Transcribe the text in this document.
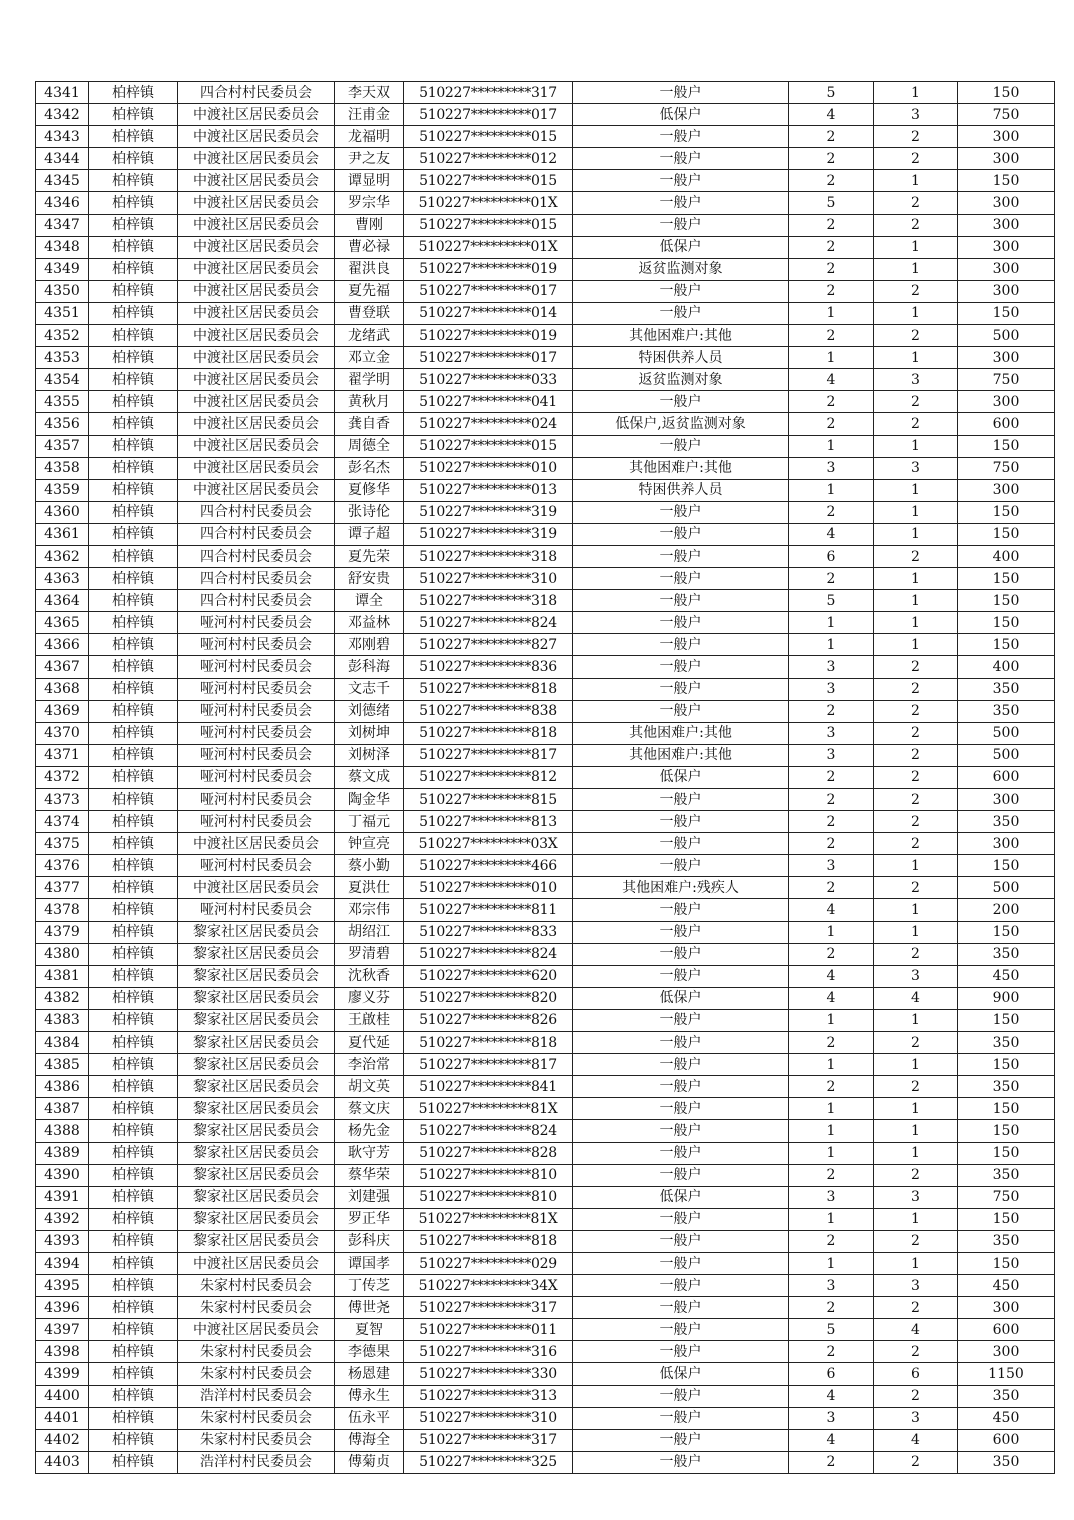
4341	柏梓镇	四合村村民委员会	李天双	510227*********317	一般户	5	1	150
4342	柏梓镇	中渡社区居民委员会	汪甫金	510227*********017	低保户	4	3	750
4343	柏梓镇	中渡社区居民委员会	龙福明	510227*********015	一般户	2	2	300
4344	柏梓镇	中渡社区居民委员会	尹之友	510227*********012	一般户	2	2	300
4345	柏梓镇	中渡社区居民委员会	谭显明	510227*********015	一般户	2	1	150
4346	柏梓镇	中渡社区居民委员会	罗宗华	510227*********01X	一般户	5	2	300
4347	柏梓镇	中渡社区居民委员会	曹刚	510227*********015	一般户	2	2	300
4348	柏梓镇	中渡社区居民委员会	曹必禄	510227*********01X	低保户	2	1	300
4349	柏梓镇	中渡社区居民委员会	翟洪良	510227*********019	返贫监测对象	2	1	300
4350	柏梓镇	中渡社区居民委员会	夏先福	510227*********017	一般户	2	2	300
4351	柏梓镇	中渡社区居民委员会	曹登联	510227*********014	一般户	1	1	150
4352	柏梓镇	中渡社区居民委员会	龙绪武	510227*********019	其他困难户:其他	2	2	500
4353	柏梓镇	中渡社区居民委员会	邓立金	510227*********017	特困供养人员	1	1	300
4354	柏梓镇	中渡社区居民委员会	翟学明	510227*********033	返贫监测对象	4	3	750
4355	柏梓镇	中渡社区居民委员会	黄秋月	510227*********041	一般户	2	2	300
4356	柏梓镇	中渡社区居民委员会	龚自香	510227*********024	低保户,返贫监测对象	2	2	600
4357	柏梓镇	中渡社区居民委员会	周德全	510227*********015	一般户	1	1	150
4358	柏梓镇	中渡社区居民委员会	彭名杰	510227*********010	其他困难户:其他	3	3	750
4359	柏梓镇	中渡社区居民委员会	夏修华	510227*********013	特困供养人员	1	1	300
4360	柏梓镇	四合村村民委员会	张诗伦	510227*********319	一般户	2	1	150
4361	柏梓镇	四合村村民委员会	谭子超	510227*********319	一般户	4	1	150
4362	柏梓镇	四合村村民委员会	夏先荣	510227*********318	一般户	6	2	400
4363	柏梓镇	四合村村民委员会	舒安贵	510227*********310	一般户	2	1	150
4364	柏梓镇	四合村村民委员会	谭全	510227*********318	一般户	5	1	150
4365	柏梓镇	哑河村村民委员会	邓益林	510227*********824	一般户	1	1	150
4366	柏梓镇	哑河村村民委员会	邓刚碧	510227*********827	一般户	1	1	150
4367	柏梓镇	哑河村村民委员会	彭科海	510227*********836	一般户	3	2	400
4368	柏梓镇	哑河村村民委员会	文志千	510227*********818	一般户	3	2	350
4369	柏梓镇	哑河村村民委员会	刘德绪	510227*********838	一般户	2	2	350
4370	柏梓镇	哑河村村民委员会	刘树坤	510227*********818	其他困难户:其他	3	2	500
4371	柏梓镇	哑河村村民委员会	刘树泽	510227*********817	其他困难户:其他	3	2	500
4372	柏梓镇	哑河村村民委员会	蔡文成	510227*********812	低保户	2	2	600
4373	柏梓镇	哑河村村民委员会	陶金华	510227*********815	一般户	2	2	300
4374	柏梓镇	哑河村村民委员会	丁福元	510227*********813	一般户	2	2	350
4375	柏梓镇	中渡社区居民委员会	钟宣亮	510227*********03X	一般户	2	2	300
4376	柏梓镇	哑河村村民委员会	蔡小勤	510227*********466	一般户	3	1	150
4377	柏梓镇	中渡社区居民委员会	夏洪仕	510227*********010	其他困难户:残疾人	2	2	500
4378	柏梓镇	哑河村村民委员会	邓宗伟	510227*********811	一般户	4	1	200
4379	柏梓镇	黎家社区居民委员会	胡绍江	510227*********833	一般户	1	1	150
4380	柏梓镇	黎家社区居民委员会	罗清碧	510227*********824	一般户	2	2	350
4381	柏梓镇	黎家社区居民委员会	沈秋香	510227*********620	一般户	4	3	450
4382	柏梓镇	黎家社区居民委员会	廖义芬	510227*********820	低保户	4	4	900
4383	柏梓镇	黎家社区居民委员会	王啟桂	510227*********826	一般户	1	1	150
4384	柏梓镇	黎家社区居民委员会	夏代延	510227*********818	一般户	2	2	350
4385	柏梓镇	黎家社区居民委员会	李治常	510227*********817	一般户	1	1	150
4386	柏梓镇	黎家社区居民委员会	胡文英	510227*********841	一般户	2	2	350
4387	柏梓镇	黎家社区居民委员会	蔡文庆	510227*********81X	一般户	1	1	150
4388	柏梓镇	黎家社区居民委员会	杨先金	510227*********824	一般户	1	1	150
4389	柏梓镇	黎家社区居民委员会	耿守芳	510227*********828	一般户	1	1	150
4390	柏梓镇	黎家社区居民委员会	蔡华荣	510227*********810	一般户	2	2	350
4391	柏梓镇	黎家社区居民委员会	刘建强	510227*********810	低保户	3	3	750
4392	柏梓镇	黎家社区居民委员会	罗正华	510227*********81X	一般户	1	1	150
4393	柏梓镇	黎家社区居民委员会	彭科庆	510227*********818	一般户	2	2	350
4394	柏梓镇	中渡社区居民委员会	谭国孝	510227*********029	一般户	1	1	150
4395	柏梓镇	朱家村村民委员会	丁传芝	510227*********34X	一般户	3	3	450
4396	柏梓镇	朱家村村民委员会	傅世尧	510227*********317	一般户	2	2	300
4397	柏梓镇	中渡社区居民委员会	夏智	510227*********011	一般户	5	4	600
4398	柏梓镇	朱家村村民委员会	李德果	510227*********316	一般户	2	2	300
4399	柏梓镇	朱家村村民委员会	杨恩建	510227*********330	低保户	6	6	1150
4400	柏梓镇	浩洋村村民委员会	傅永生	510227*********313	一般户	4	2	350
4401	柏梓镇	朱家村村民委员会	伍永平	510227*********310	一般户	3	3	450
4402	柏梓镇	朱家村村民委员会	傅海全	510227*********317	一般户	4	4	600
4403	柏梓镇	浩洋村村民委员会	傅菊贞	510227*********325	一般户	2	2	350
